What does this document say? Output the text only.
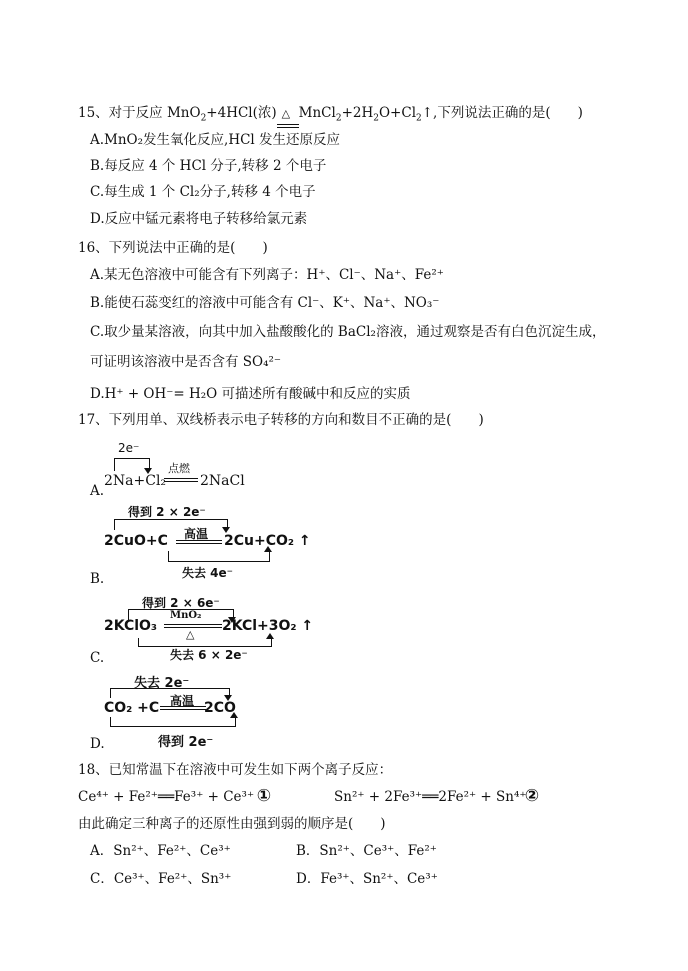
15、对于反应 MnO$_2$+4HCl(浓) △ $MnCl_2+2H_2O+Cl_2↑$,下列说法正确的是(　　)
A.MnO₂发生氧化反应,HCl 发生还原反应
B.每反应 4 个 HCl 分子,转移 2 个电子
C.每生成 1 个 Cl₂分子,转移 4 个电子
D.反应中锰元素将电子转移给氯元素
16、下列说法中正确的是(　　)
A.某无色溶液中可能含有下列离子：H⁺、Cl⁻、Na⁺、Fe²⁺
B.能使石蕊变红的溶液中可能含有 Cl⁻、K⁺、Na⁺、NO₃⁻
C.取少量某溶液，向其中加入盐酸酸化的 BaCl₂溶液，通过观察是否有白色沉淀生成，
可证明该溶液中是否含有 SO₄²⁻
D.H⁺ + OH⁻= H₂O 可描述所有酸碱中和反应的实质
17、下列用单、双线桥表示电子转移的方向和数目不正确的是(　　)
2e⁻
点燃
A.
2Na+Cl₂ 2NaCl
得到 2 × 2e⁻
高温
2CuO+C	2Cu+CO₂ ↑
失去 4e⁻
B.
得到 2 × 6e⁻
MnO₂
△
2KClO₃	2KCl+3O₂ ↑
失去 6 × 2e⁻
C.
失去 2e⁻
高温
CO₂ +C	2CO
得到 2e⁻
D.
18、已知常温下在溶液中可发生如下两个离子反应：
Ce⁴⁺ + Fe²⁺══Fe³⁺ + Ce³⁺ ①	Sn²⁺ + 2Fe³⁺══2Fe²⁺ + Sn⁴⁺
②
由此确定三种离子的还原性由强到弱的顺序是(　　)
A．Sn²⁺、Fe²⁺、Ce³⁺	B．Sn²⁺、Ce³⁺、Fe²⁺
C．Ce³⁺、Fe²⁺、Sn³⁺	D．Fe³⁺、Sn²⁺、Ce³⁺
